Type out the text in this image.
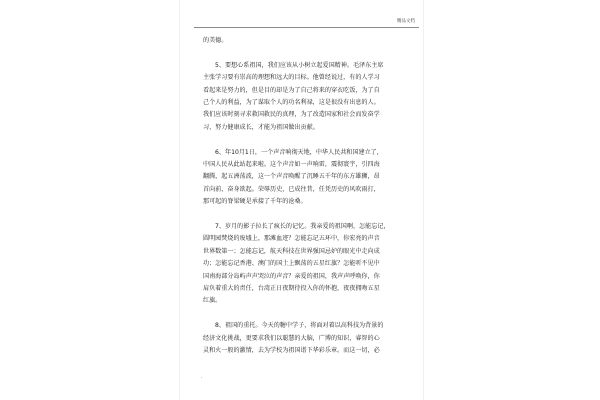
精品文档

的美德。

5、要想心系祖国，我们应该从小树立起爱国精神。毛泽东主席
主张学习要有崇高的理想和远大的目标。他曾经说过，有的人学习
看起来是努力的，但是目的却是为了自己将来的穿衣吃饭，为了自
己个人的利益，为了谋取个人的功名利禄，这是很没有出息的人。
我们应该时刻寻求救国救民的真理，为了改造国家和社会而发奋学
习，努力健康成长，才能为祖国做出贡献。

6、年10月1日，一个声音响彻天地，中华人民共和国建立了，
中国人民从此站起来啦。这个声音如一声响雷，震彻寰宇，引四海
翻腾，起五洲荡波，这一个声音唤醒了沉睡五千年的东方雄狮，昂
首向前，奋身欲起。荣辱历史，已成往昔，任凭历史的风吹雨打，
那可起的脊梁硬是承接了千年的沧桑。

7、岁月的影子拉长了疯长的记忆。我亲爱的祖国啊，怎能忘记，
圆明园焚烧的废墟上，那滩血迹？怎能忘记五环中，你宏亮的声音
世界数第一；怎能忘记，航天科技在世界强国忌妒的眼光中走向成
功；怎能忘记香港、澳门的国土上飘荡的五星红旗？怎能听不见中
国南海部分岛屿声声哭泣的声音？亲爱的祖国，我声声呼唤你，你
肩负着重大的责任，台湾正日夜期待投入你的怀抱，夜夜拥吻五星
红旗。

8、祖国的重托。今天的糖中学子，将面对着以高科技为背景的
经济文化挑战，更要求我们以聪慧的大脑，广博的知识，睿智的心
灵和火一般的激情，去为学校为祖国谱下华彩乐章。而这一切，必

.
